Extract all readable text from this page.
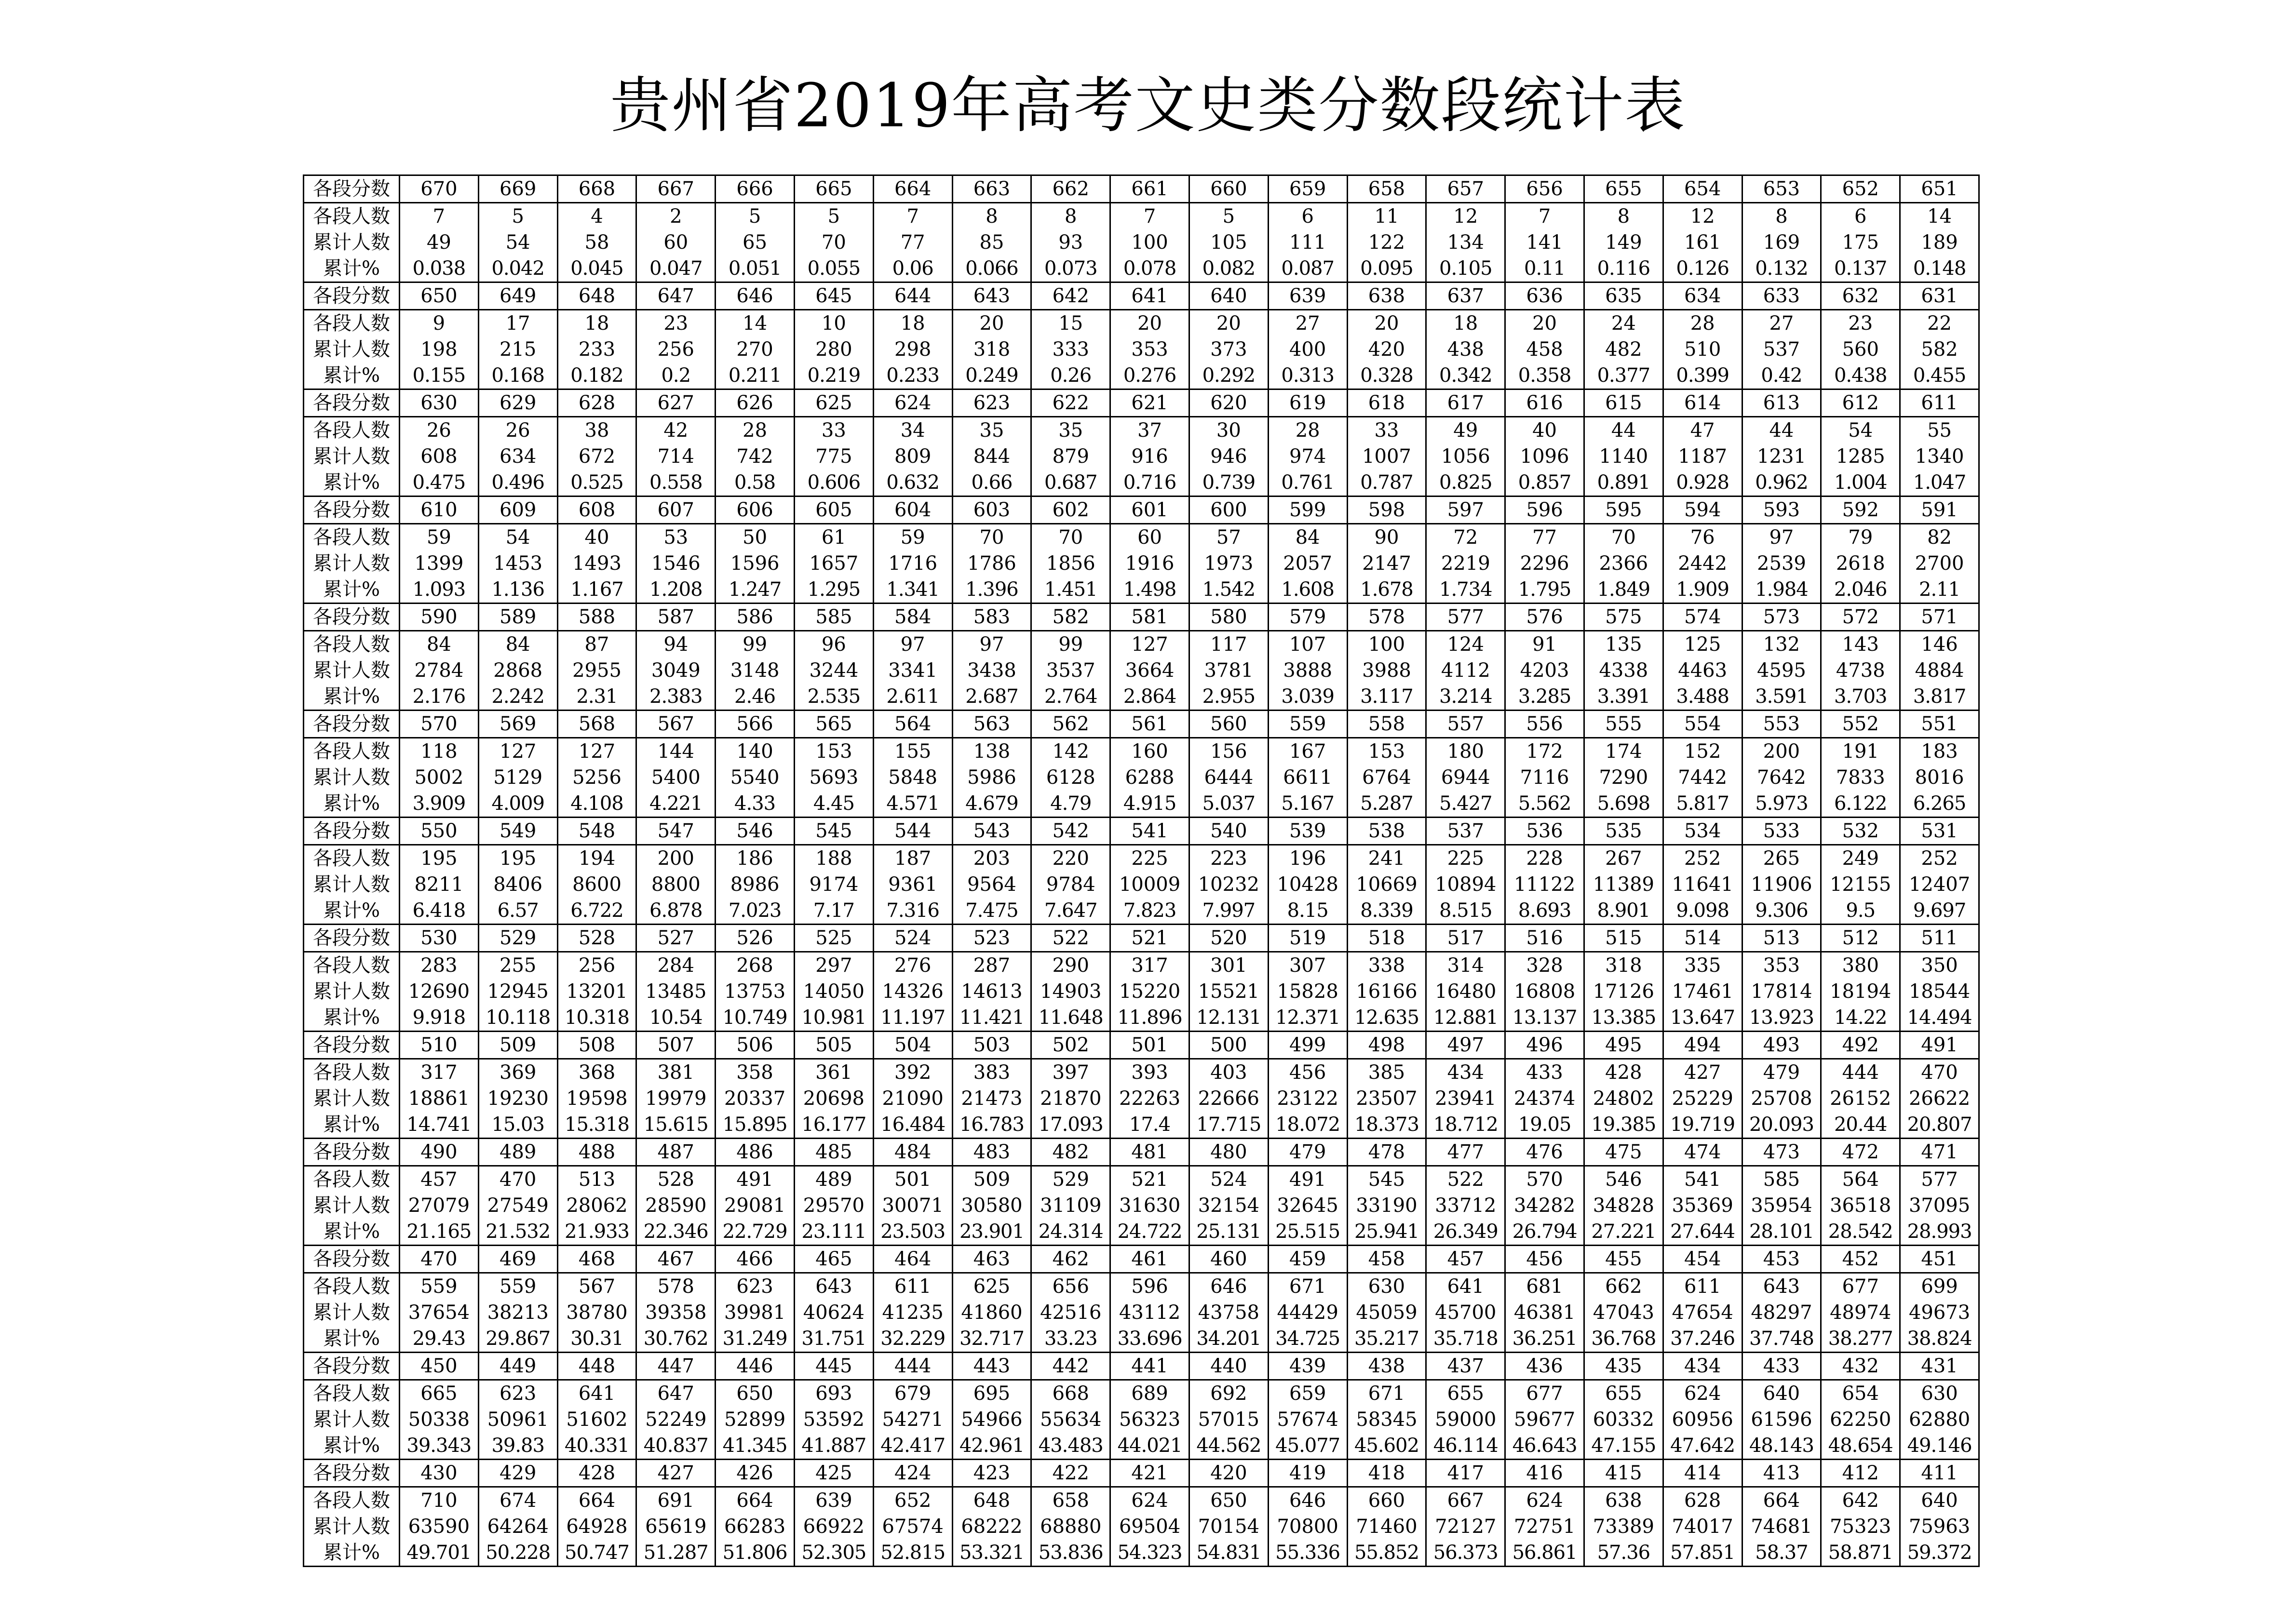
贵州省2019年高考文史类分数段统计表
各段分数	670	669	668	667	666	665	664	663	662	661	660	659	658	657	656	655	654	653	652	651
各段人数	7	5	4	2	5	5	7	8	8	7	5	6	11	12	7	8	12	8	6	14
累计人数	49	54	58	60	65	70	77	85	93	100	105	111	122	134	141	149	161	169	175	189
累计%	0.038	0.042	0.045	0.047	0.051	0.055	0.06	0.066	0.073	0.078	0.082	0.087	0.095	0.105	0.11	0.116	0.126	0.132	0.137	0.148
各段分数	650	649	648	647	646	645	644	643	642	641	640	639	638	637	636	635	634	633	632	631
各段人数	9	17	18	23	14	10	18	20	15	20	20	27	20	18	20	24	28	27	23	22
累计人数	198	215	233	256	270	280	298	318	333	353	373	400	420	438	458	482	510	537	560	582
累计%	0.155	0.168	0.182	0.2	0.211	0.219	0.233	0.249	0.26	0.276	0.292	0.313	0.328	0.342	0.358	0.377	0.399	0.42	0.438	0.455
各段分数	630	629	628	627	626	625	624	623	622	621	620	619	618	617	616	615	614	613	612	611
各段人数	26	26	38	42	28	33	34	35	35	37	30	28	33	49	40	44	47	44	54	55
累计人数	608	634	672	714	742	775	809	844	879	916	946	974	1007	1056	1096	1140	1187	1231	1285	1340
累计%	0.475	0.496	0.525	0.558	0.58	0.606	0.632	0.66	0.687	0.716	0.739	0.761	0.787	0.825	0.857	0.891	0.928	0.962	1.004	1.047
各段分数	610	609	608	607	606	605	604	603	602	601	600	599	598	597	596	595	594	593	592	591
各段人数	59	54	40	53	50	61	59	70	70	60	57	84	90	72	77	70	76	97	79	82
累计人数	1399	1453	1493	1546	1596	1657	1716	1786	1856	1916	1973	2057	2147	2219	2296	2366	2442	2539	2618	2700
累计%	1.093	1.136	1.167	1.208	1.247	1.295	1.341	1.396	1.451	1.498	1.542	1.608	1.678	1.734	1.795	1.849	1.909	1.984	2.046	2.11
各段分数	590	589	588	587	586	585	584	583	582	581	580	579	578	577	576	575	574	573	572	571
各段人数	84	84	87	94	99	96	97	97	99	127	117	107	100	124	91	135	125	132	143	146
累计人数	2784	2868	2955	3049	3148	3244	3341	3438	3537	3664	3781	3888	3988	4112	4203	4338	4463	4595	4738	4884
累计%	2.176	2.242	2.31	2.383	2.46	2.535	2.611	2.687	2.764	2.864	2.955	3.039	3.117	3.214	3.285	3.391	3.488	3.591	3.703	3.817
各段分数	570	569	568	567	566	565	564	563	562	561	560	559	558	557	556	555	554	553	552	551
各段人数	118	127	127	144	140	153	155	138	142	160	156	167	153	180	172	174	152	200	191	183
累计人数	5002	5129	5256	5400	5540	5693	5848	5986	6128	6288	6444	6611	6764	6944	7116	7290	7442	7642	7833	8016
累计%	3.909	4.009	4.108	4.221	4.33	4.45	4.571	4.679	4.79	4.915	5.037	5.167	5.287	5.427	5.562	5.698	5.817	5.973	6.122	6.265
各段分数	550	549	548	547	546	545	544	543	542	541	540	539	538	537	536	535	534	533	532	531
各段人数	195	195	194	200	186	188	187	203	220	225	223	196	241	225	228	267	252	265	249	252
累计人数	8211	8406	8600	8800	8986	9174	9361	9564	9784	10009	10232	10428	10669	10894	11122	11389	11641	11906	12155	12407
累计%	6.418	6.57	6.722	6.878	7.023	7.17	7.316	7.475	7.647	7.823	7.997	8.15	8.339	8.515	8.693	8.901	9.098	9.306	9.5	9.697
各段分数	530	529	528	527	526	525	524	523	522	521	520	519	518	517	516	515	514	513	512	511
各段人数	283	255	256	284	268	297	276	287	290	317	301	307	338	314	328	318	335	353	380	350
累计人数	12690	12945	13201	13485	13753	14050	14326	14613	14903	15220	15521	15828	16166	16480	16808	17126	17461	17814	18194	18544
累计%	9.918	10.118	10.318	10.54	10.749	10.981	11.197	11.421	11.648	11.896	12.131	12.371	12.635	12.881	13.137	13.385	13.647	13.923	14.22	14.494
各段分数	510	509	508	507	506	505	504	503	502	501	500	499	498	497	496	495	494	493	492	491
各段人数	317	369	368	381	358	361	392	383	397	393	403	456	385	434	433	428	427	479	444	470
累计人数	18861	19230	19598	19979	20337	20698	21090	21473	21870	22263	22666	23122	23507	23941	24374	24802	25229	25708	26152	26622
累计%	14.741	15.03	15.318	15.615	15.895	16.177	16.484	16.783	17.093	17.4	17.715	18.072	18.373	18.712	19.05	19.385	19.719	20.093	20.44	20.807
各段分数	490	489	488	487	486	485	484	483	482	481	480	479	478	477	476	475	474	473	472	471
各段人数	457	470	513	528	491	489	501	509	529	521	524	491	545	522	570	546	541	585	564	577
累计人数	27079	27549	28062	28590	29081	29570	30071	30580	31109	31630	32154	32645	33190	33712	34282	34828	35369	35954	36518	37095
累计%	21.165	21.532	21.933	22.346	22.729	23.111	23.503	23.901	24.314	24.722	25.131	25.515	25.941	26.349	26.794	27.221	27.644	28.101	28.542	28.993
各段分数	470	469	468	467	466	465	464	463	462	461	460	459	458	457	456	455	454	453	452	451
各段人数	559	559	567	578	623	643	611	625	656	596	646	671	630	641	681	662	611	643	677	699
累计人数	37654	38213	38780	39358	39981	40624	41235	41860	42516	43112	43758	44429	45059	45700	46381	47043	47654	48297	48974	49673
累计%	29.43	29.867	30.31	30.762	31.249	31.751	32.229	32.717	33.23	33.696	34.201	34.725	35.217	35.718	36.251	36.768	37.246	37.748	38.277	38.824
各段分数	450	449	448	447	446	445	444	443	442	441	440	439	438	437	436	435	434	433	432	431
各段人数	665	623	641	647	650	693	679	695	668	689	692	659	671	655	677	655	624	640	654	630
累计人数	50338	50961	51602	52249	52899	53592	54271	54966	55634	56323	57015	57674	58345	59000	59677	60332	60956	61596	62250	62880
累计%	39.343	39.83	40.331	40.837	41.345	41.887	42.417	42.961	43.483	44.021	44.562	45.077	45.602	46.114	46.643	47.155	47.642	48.143	48.654	49.146
各段分数	430	429	428	427	426	425	424	423	422	421	420	419	418	417	416	415	414	413	412	411
各段人数	710	674	664	691	664	639	652	648	658	624	650	646	660	667	624	638	628	664	642	640
累计人数	63590	64264	64928	65619	66283	66922	67574	68222	68880	69504	70154	70800	71460	72127	72751	73389	74017	74681	75323	75963
累计%	49.701	50.228	50.747	51.287	51.806	52.305	52.815	53.321	53.836	54.323	54.831	55.336	55.852	56.373	56.861	57.36	57.851	58.37	58.871	59.372
